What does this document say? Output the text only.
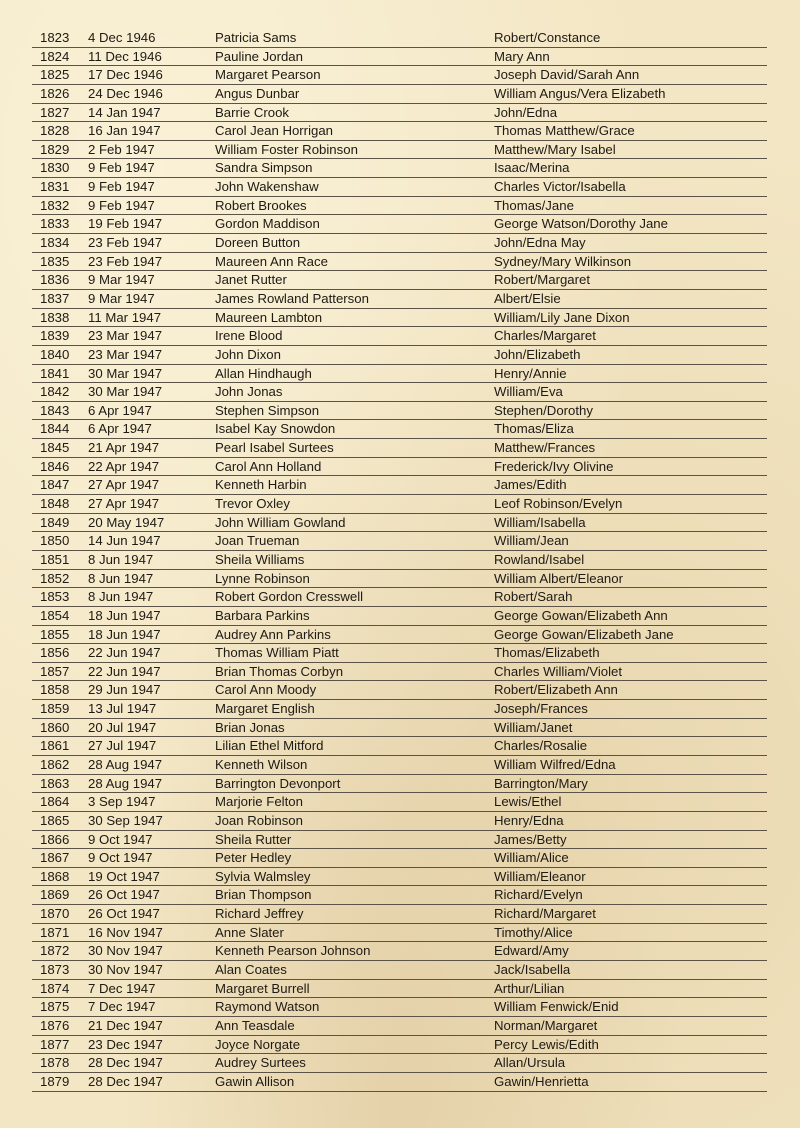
1823 4 Dec 1946	Patricia Sams	Robert/Constance
1824 11 Dec 1946	Pauline Jordan	Mary Ann
1825 17 Dec 1946	Margaret Pearson	Joseph David/Sarah Ann
1826 24 Dec 1946	Angus Dunbar	William Angus/Vera Elizabeth
1827 14 Jan 1947	Barrie Crook	John/Edna
1828 16 Jan 1947	Carol Jean Horrigan	Thomas Matthew/Grace
1829 2 Feb 1947	William Foster Robinson	Matthew/Mary Isabel
1830 9 Feb 1947	Sandra Simpson	Isaac/Merina
1831 9 Feb 1947	John Wakenshaw	Charles Victor/Isabella
1832 9 Feb 1947	Robert Brookes	Thomas/Jane
1833 19 Feb 1947	Gordon Maddison	George Watson/Dorothy Jane
1834 23 Feb 1947	Doreen Button	John/Edna May
1835 23 Feb 1947	Maureen Ann Race	Sydney/Mary Wilkinson
1836 9 Mar 1947	Janet Rutter	Robert/Margaret
1837 9 Mar 1947	James Rowland Patterson	Albert/Elsie
1838 11 Mar 1947	Maureen Lambton	William/Lily Jane Dixon
1839 23 Mar 1947	Irene Blood	Charles/Margaret
1840 23 Mar 1947	John Dixon	John/Elizabeth
1841 30 Mar 1947	Allan Hindhaugh	Henry/Annie
1842 30 Mar 1947	John Jonas	William/Eva
1843 6 Apr 1947	Stephen Simpson	Stephen/Dorothy
1844 6 Apr 1947	Isabel Kay Snowdon	Thomas/Eliza
1845 21 Apr 1947	Pearl Isabel Surtees	Matthew/Frances
1846 22 Apr 1947	Carol Ann Holland	Frederick/Ivy Olivine
1847 27 Apr 1947	Kenneth Harbin	James/Edith
1848 27 Apr 1947	Trevor Oxley	Leof Robinson/Evelyn
1849 20 May 1947	John William Gowland	William/Isabella
1850 14 Jun 1947	Joan Trueman	William/Jean
1851 8 Jun 1947	Sheila Williams	Rowland/Isabel
1852 8 Jun 1947	Lynne Robinson	William Albert/Eleanor
1853 8 Jun 1947	Robert Gordon Cresswell	Robert/Sarah
1854 18 Jun 1947	Barbara Parkins	George Gowan/Elizabeth Ann
1855 18 Jun 1947	Audrey Ann Parkins	George Gowan/Elizabeth Jane
1856 22 Jun 1947	Thomas William Piatt	Thomas/Elizabeth
1857 22 Jun 1947	Brian Thomas Corbyn	Charles William/Violet
1858 29 Jun 1947	Carol Ann Moody	Robert/Elizabeth Ann
1859 13 Jul 1947	Margaret English	Joseph/Frances
1860 20 Jul 1947	Brian Jonas	William/Janet
1861 27 Jul 1947	Lilian Ethel Mitford	Charles/Rosalie
1862 28 Aug 1947	Kenneth Wilson	William Wilfred/Edna
1863 28 Aug 1947	Barrington Devonport	Barrington/Mary
1864 3 Sep 1947	Marjorie Felton	Lewis/Ethel
1865 30 Sep 1947	Joan Robinson	Henry/Edna
1866 9 Oct 1947	Sheila Rutter	James/Betty
1867 9 Oct 1947	Peter Hedley	William/Alice
1868 19 Oct 1947	Sylvia Walmsley	William/Eleanor
1869 26 Oct 1947	Brian Thompson	Richard/Evelyn
1870 26 Oct 1947	Richard Jeffrey	Richard/Margaret
1871 16 Nov 1947	Anne Slater	Timothy/Alice
1872 30 Nov 1947	Kenneth Pearson Johnson	Edward/Amy
1873 30 Nov 1947	Alan Coates	Jack/Isabella
1874 7 Dec 1947	Margaret Burrell	Arthur/Lilian
1875 7 Dec 1947	Raymond Watson	William Fenwick/Enid
1876 21 Dec 1947	Ann Teasdale	Norman/Margaret
1877 23 Dec 1947	Joyce Norgate	Percy Lewis/Edith
1878 28 Dec 1947	Audrey Surtees	Allan/Ursula
1879 28 Dec 1947	Gawin Allison	Gawin/Henrietta
